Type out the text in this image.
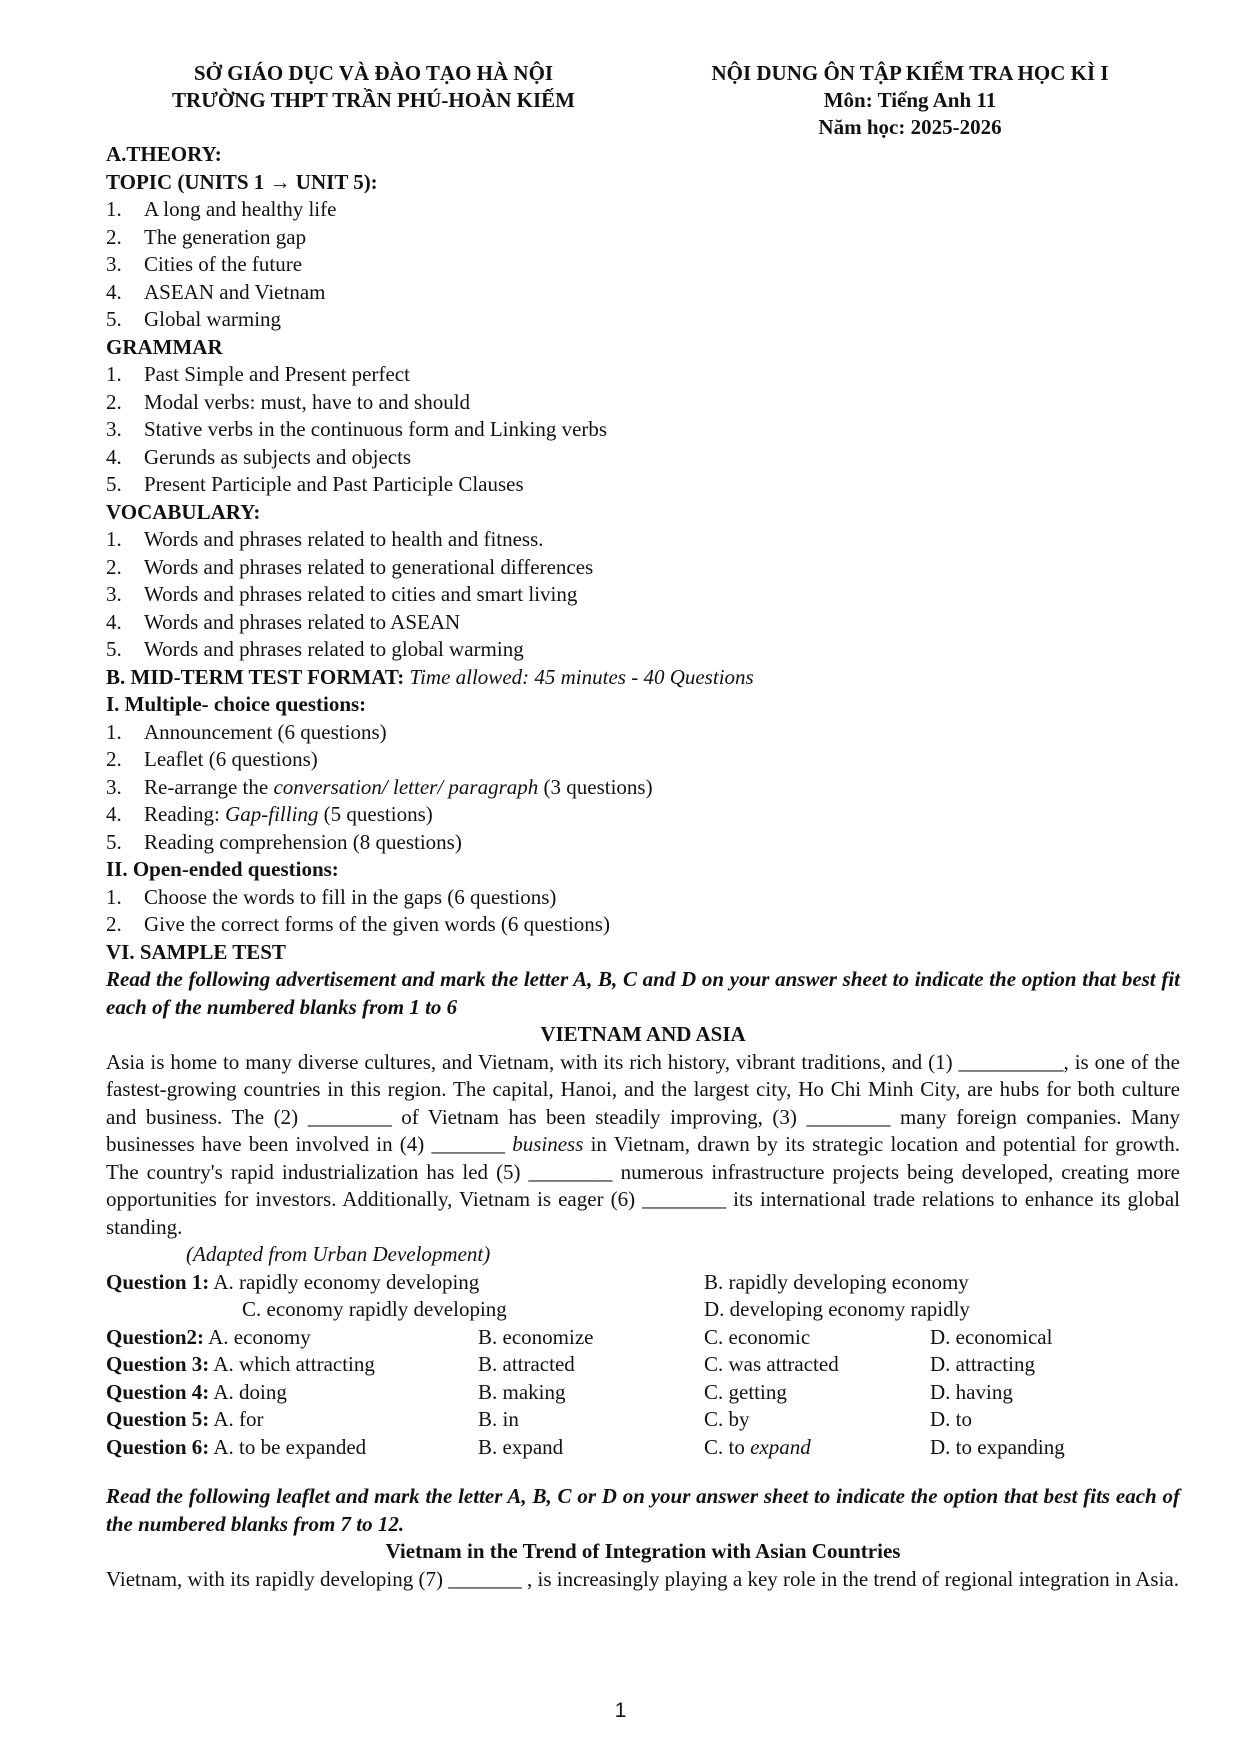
SỞ GIÁO DỤC VÀ ĐÀO TẠO HÀ NỘI
TRƯỜNG THPT TRẦN PHÚ-HOÀN KIẾM
NỘI DUNG ÔN TẬP KIỂM TRA HỌC KÌ I
Môn: Tiếng Anh 11
Năm học: 2025-2026
A.THEORY:
TOPIC (UNITS 1 → UNIT 5):
1. A long and healthy life
2. The generation gap
3. Cities of the future
4. ASEAN and Vietnam
5. Global warming
GRAMMAR
1. Past Simple and Present perfect
2. Modal verbs: must, have to and should
3. Stative verbs in the continuous form and Linking verbs
4. Gerunds as subjects and objects
5. Present Participle and Past Participle Clauses
VOCABULARY:
1. Words and phrases related to health and fitness.
2. Words and phrases related to generational differences
3. Words and phrases related to cities and smart living
4. Words and phrases related to ASEAN
5. Words and phrases related to global warming
B. MID-TERM TEST FORMAT: Time allowed: 45 minutes - 40 Questions
I. Multiple- choice questions:
1. Announcement (6 questions)
2. Leaflet (6 questions)
3. Re-arrange the conversation/ letter/ paragraph (3 questions)
4. Reading: Gap-filling (5 questions)
5. Reading comprehension (8 questions)
II. Open-ended questions:
1. Choose the words to fill in the gaps (6 questions)
2. Give the correct forms of the given words (6 questions)
VI. SAMPLE TEST
Read the following advertisement and mark the letter A, B, C and D on your answer sheet to indicate the option that best fit each of the numbered blanks from 1 to 6
VIETNAM AND ASIA
Asia is home to many diverse cultures, and Vietnam, with its rich history, vibrant traditions, and (1) __________, is one of the fastest-growing countries in this region. The capital, Hanoi, and the largest city, Ho Chi Minh City, are hubs for both culture and business. The (2) ________ of Vietnam has been steadily improving, (3) ________ many foreign companies. Many businesses have been involved in (4) _______ business in Vietnam, drawn by its strategic location and potential for growth. The country's rapid industrialization has led (5) ________ numerous infrastructure projects being developed, creating more opportunities for investors. Additionally, Vietnam is eager (6) ________ its international trade relations to enhance its global standing.
(Adapted from Urban Development)
Question 1: A. rapidly economy developing	B. rapidly developing economy
C. economy rapidly developing	D. developing economy rapidly
Question2: A. economy	B. economize	C. economic	D. economical
Question 3: A. which attracting	B. attracted	C. was attracted	D. attracting
Question 4: A. doing	B. making	C. getting	D. having
Question 5: A. for	B. in	C. by	D. to
Question 6: A. to be expanded	B. expand	C. to expand	D. to expanding
Read the following leaflet and mark the letter A, B, C or D on your answer sheet to indicate the option that best fits each of the numbered blanks from 7 to 12.
Vietnam in the Trend of Integration with Asian Countries
Vietnam, with its rapidly developing (7) _______ , is increasingly playing a key role in the trend of regional integration in Asia.
1
